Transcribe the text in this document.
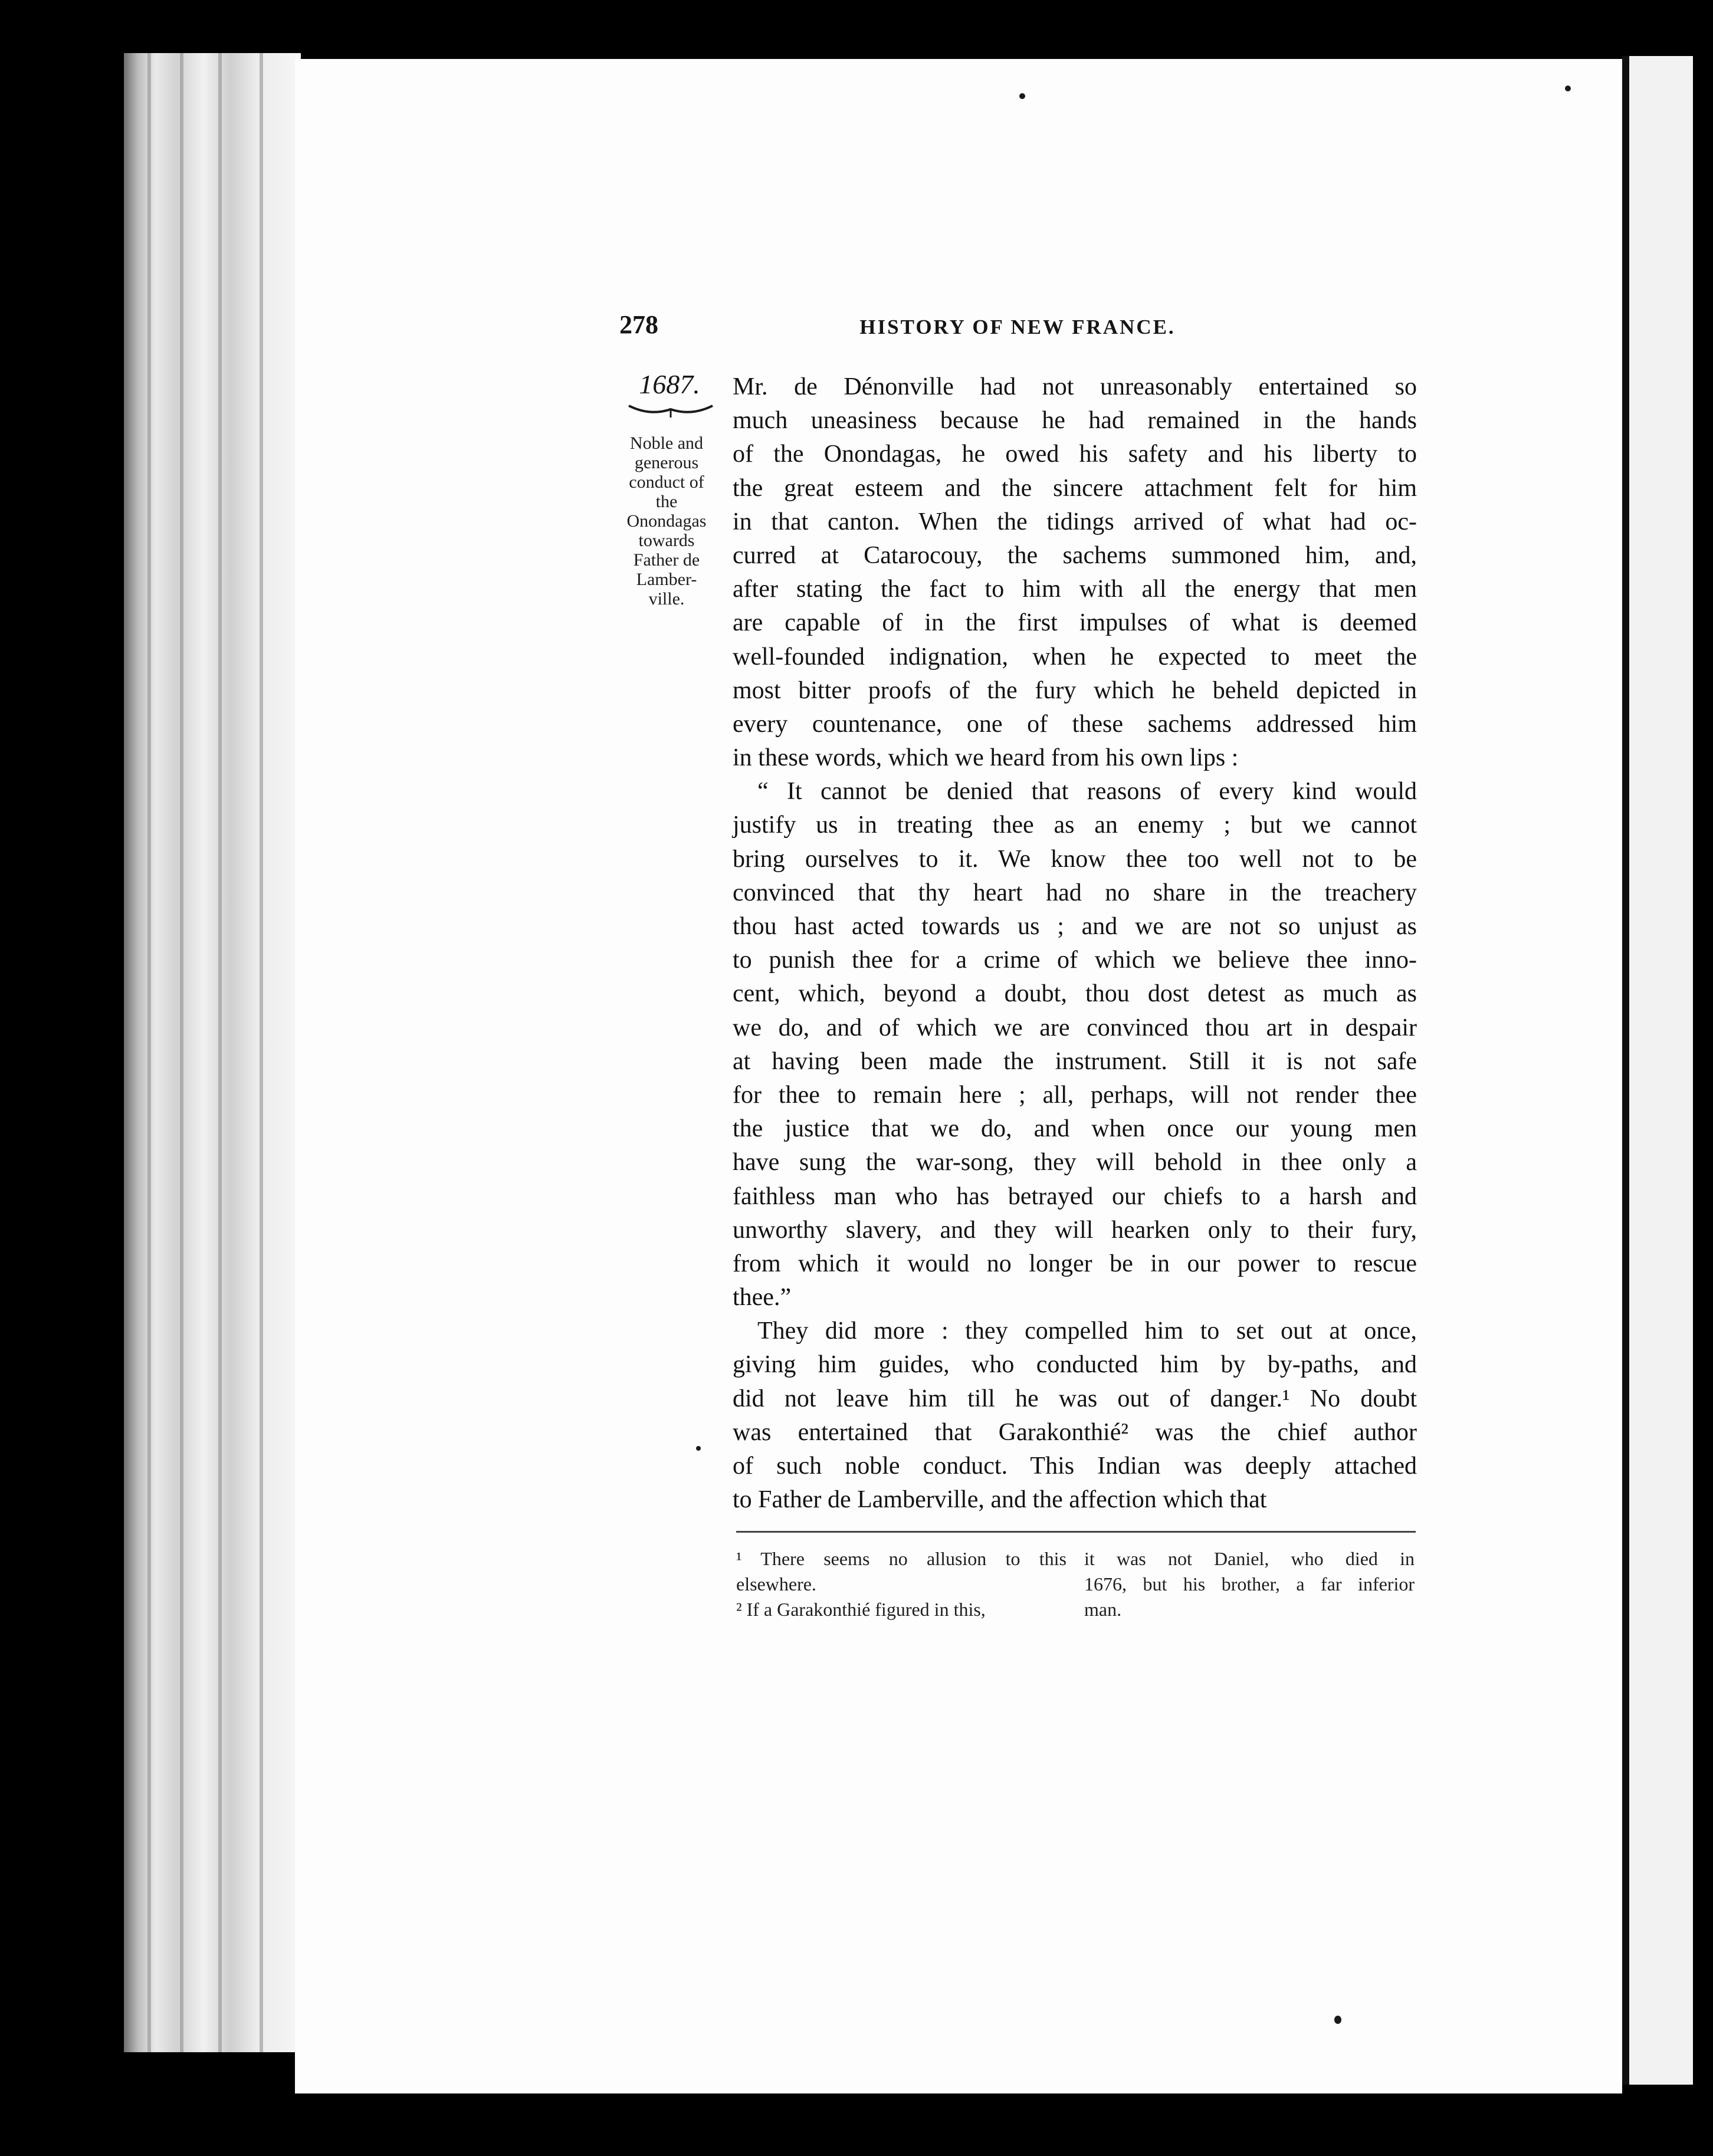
278	HISTORY OF NEW FRANCE.
1687.
Noble and
generous
conduct of
the
Onondagas
towards
Father de
Lamber-
ville.
Mr. de Dénonville had not unreasonably entertained so
much uneasiness because he had remained in the hands
of the Onondagas, he owed his safety and his liberty to
the great esteem and the sincere attachment felt for him
in that canton. When the tidings arrived of what had oc-
curred at Catarocouy, the sachems summoned him, and,
after stating the fact to him with all the energy that men
are capable of in the first impulses of what is deemed
well-founded indignation, when he expected to meet the
most bitter proofs of the fury which he beheld depicted in
every countenance, one of these sachems addressed him
in these words, which we heard from his own lips :
“ It cannot be denied that reasons of every kind would
justify us in treating thee as an enemy ; but we cannot
bring ourselves to it. We know thee too well not to be
convinced that thy heart had no share in the treachery
thou hast acted towards us ; and we are not so unjust as
to punish thee for a crime of which we believe thee inno-
cent, which, beyond a doubt, thou dost detest as much as
we do, and of which we are convinced thou art in despair
at having been made the instrument. Still it is not safe
for thee to remain here ; all, perhaps, will not render thee
the justice that we do, and when once our young men
have sung the war-song, they will behold in thee only a
faithless man who has betrayed our chiefs to a harsh and
unworthy slavery, and they will hearken only to their fury,
from which it would no longer be in our power to rescue
thee.”
They did more : they compelled him to set out at once,
giving him guides, who conducted him by by-paths, and
did not leave him till he was out of danger.¹ No doubt
was entertained that Garakonthié² was the chief author
of such noble conduct. This Indian was deeply attached
to Father de Lamberville, and the affection which that
¹ There seems no allusion to this
elsewhere.
² If a Garakonthié figured in this,
it was not Daniel, who died in
1676, but his brother, a far inferior
man.
